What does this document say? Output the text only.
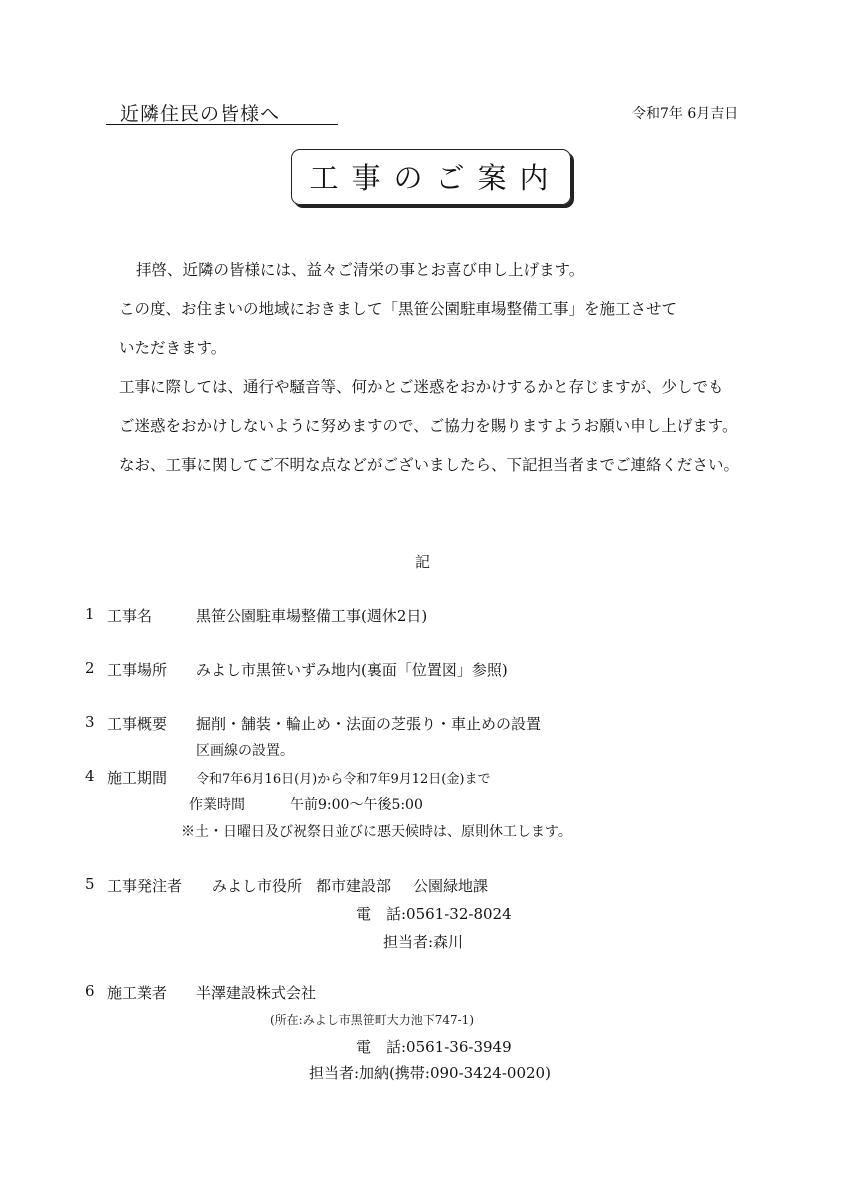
近隣住民の皆様へ	令和7年 6月吉日
工事のご案内
拝啓、近隣の皆様には、益々ご清栄の事とお喜び申し上げます。
この度、お住まいの地域におきまして「黒笹公園駐車場整備工事」を施工させて
いただきます。
工事に際しては、通行や騒音等、何かとご迷惑をおかけするかと存じますが、少しでも
ご迷惑をおかけしないように努めますので、ご協力を賜りますようお願い申し上げます。
なお、工事に関してご不明な点などがございましたら、下記担当者までご連絡ください。
記
1 工事名	黒笹公園駐車場整備工事(週休2日)
2 工事場所 みよし市黒笹いずみ地内(裏面「位置図」参照)
3 工事概要 掘削・舗装・輪止め・法面の芝張り・車止めの設置
区画線の設置。
4 施工期間 令和7年6月16日(月)から令和7年9月12日(金)まで
作業時間	午前9:00～午後5:00
※土・日曜日及び祝祭日並びに悪天候時は、原則休工します。
5 工事発注者 みよし市役所 都市建設部 公園緑地課
電　話:0561-32-8024
担当者:森川
6 施工業者 半澤建設株式会社
(所在:みよし市黒笹町大力池下747-1)
電　話:0561-36-3949
担当者:加納(携帯:090-3424-0020)
